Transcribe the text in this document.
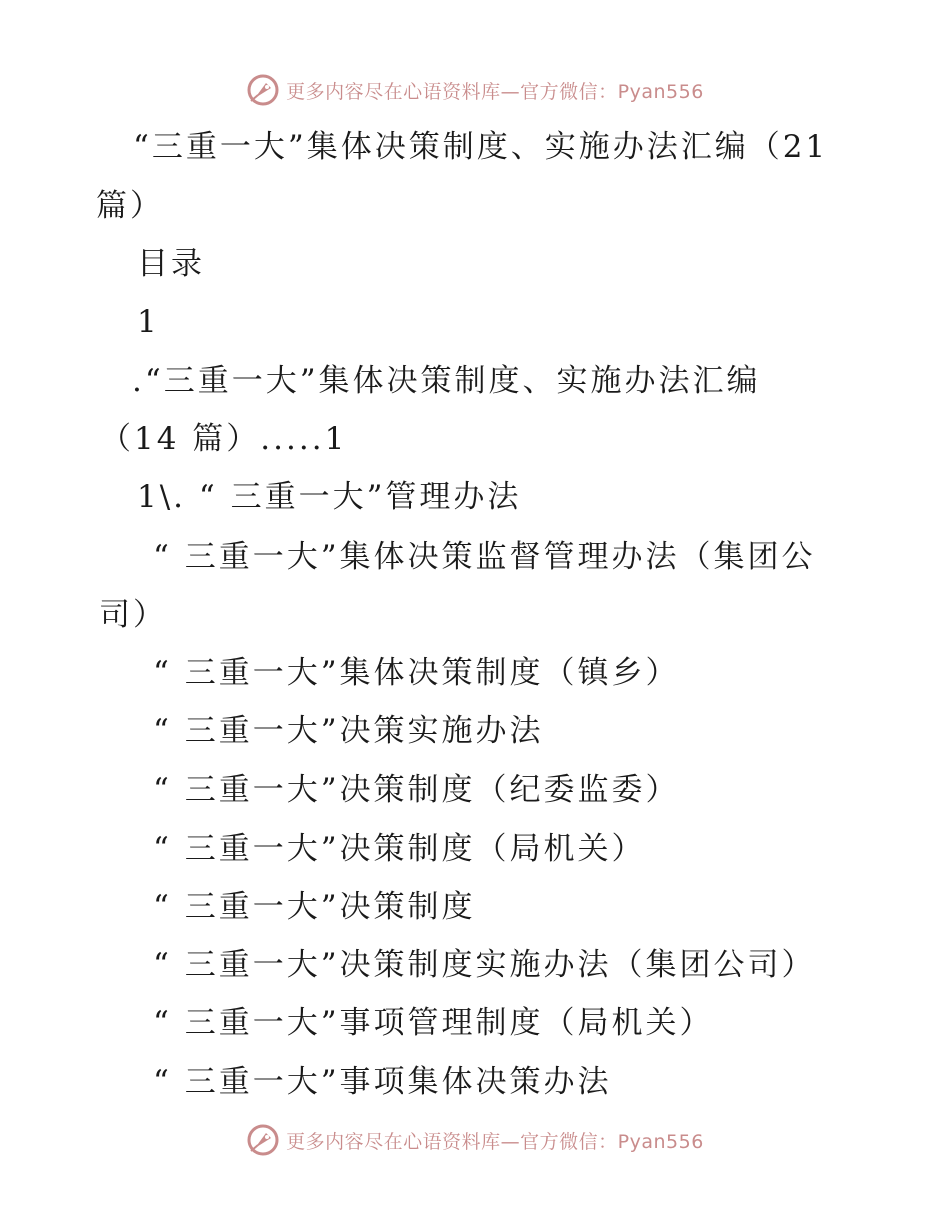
更多内容尽在心语资料库—官方微信：Pyan556
“三重一大”集体决策制度、实施办法汇编（21
篇）
目录
1
.“三重一大”集体决策制度、实施办法汇编
（14 篇）.....1
1\. “ 三重一大”管理办法
“ 三重一大”集体决策监督管理办法（集团公
司）
“ 三重一大”集体决策制度（镇乡）
“ 三重一大”决策实施办法
“ 三重一大”决策制度（纪委监委）
“ 三重一大”决策制度（局机关）
“ 三重一大”决策制度
“ 三重一大”决策制度实施办法（集团公司）
“ 三重一大”事项管理制度（局机关）
“ 三重一大”事项集体决策办法
更多内容尽在心语资料库—官方微信：Pyan556
